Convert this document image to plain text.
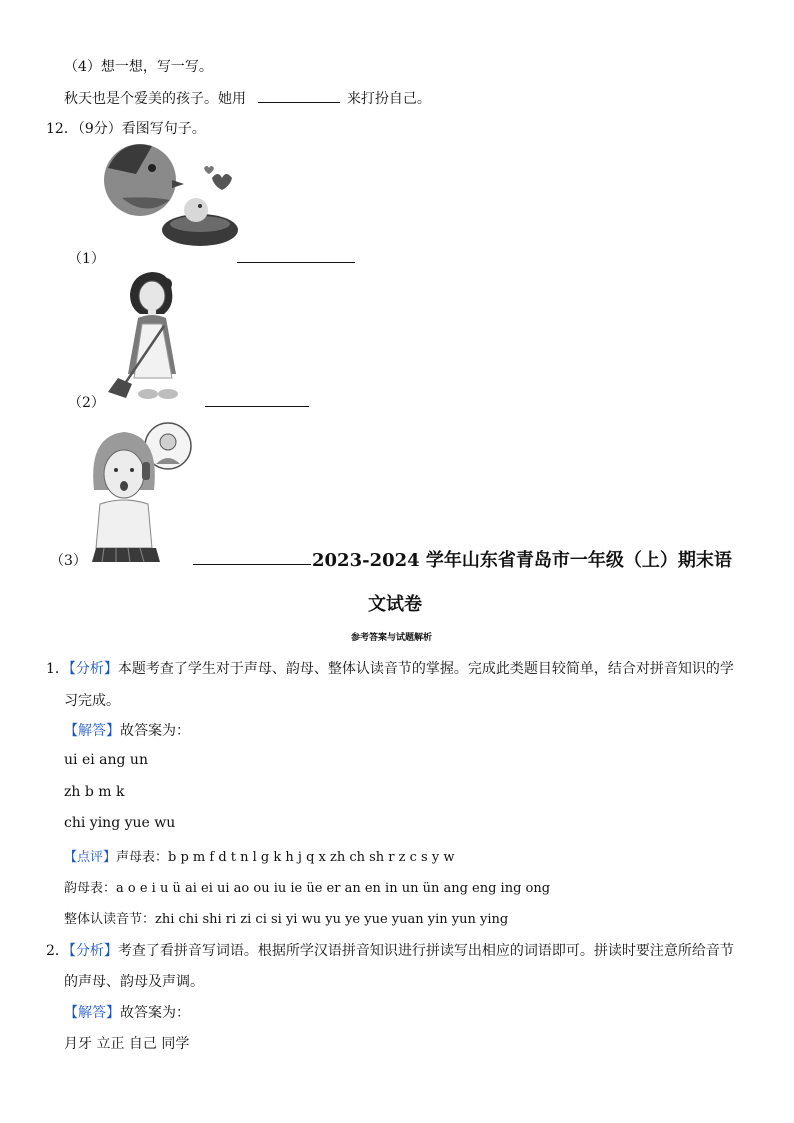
（4）想一想，写一写。
秋天也是个爱美的孩子。她用	来打扮自己。
12．（9分）看图写句子。
（1）
（2）
（3）	2023-2024 学年山东省青岛市一年级（上）期末语
文试卷
参考答案与试题解析
1．【分析】本题考查了学生对于声母、韵母、整体认读音节的掌握。完成此类题目较简单，结合对拼音知识的学
习完成。
【解答】故答案为：
ui ei ang un
zh b m k
chi ying yue wu
【点评】声母表：b p m f d t n l g k h j q x zh ch sh r z c s y w
韵母表：a o e i u ü ai ei ui ao ou iu ie üe er an en in un ün ang eng ing ong
整体认读音节：zhi chi shi ri zi ci si yi wu yu ye yue yuan yin yun ying
2．【分析】考查了看拼音写词语。根据所学汉语拼音知识进行拼读写出相应的词语即可。拼读时要注意所给音节
的声母、韵母及声调。
【解答】故答案为：
月牙 立正 自己 同学
